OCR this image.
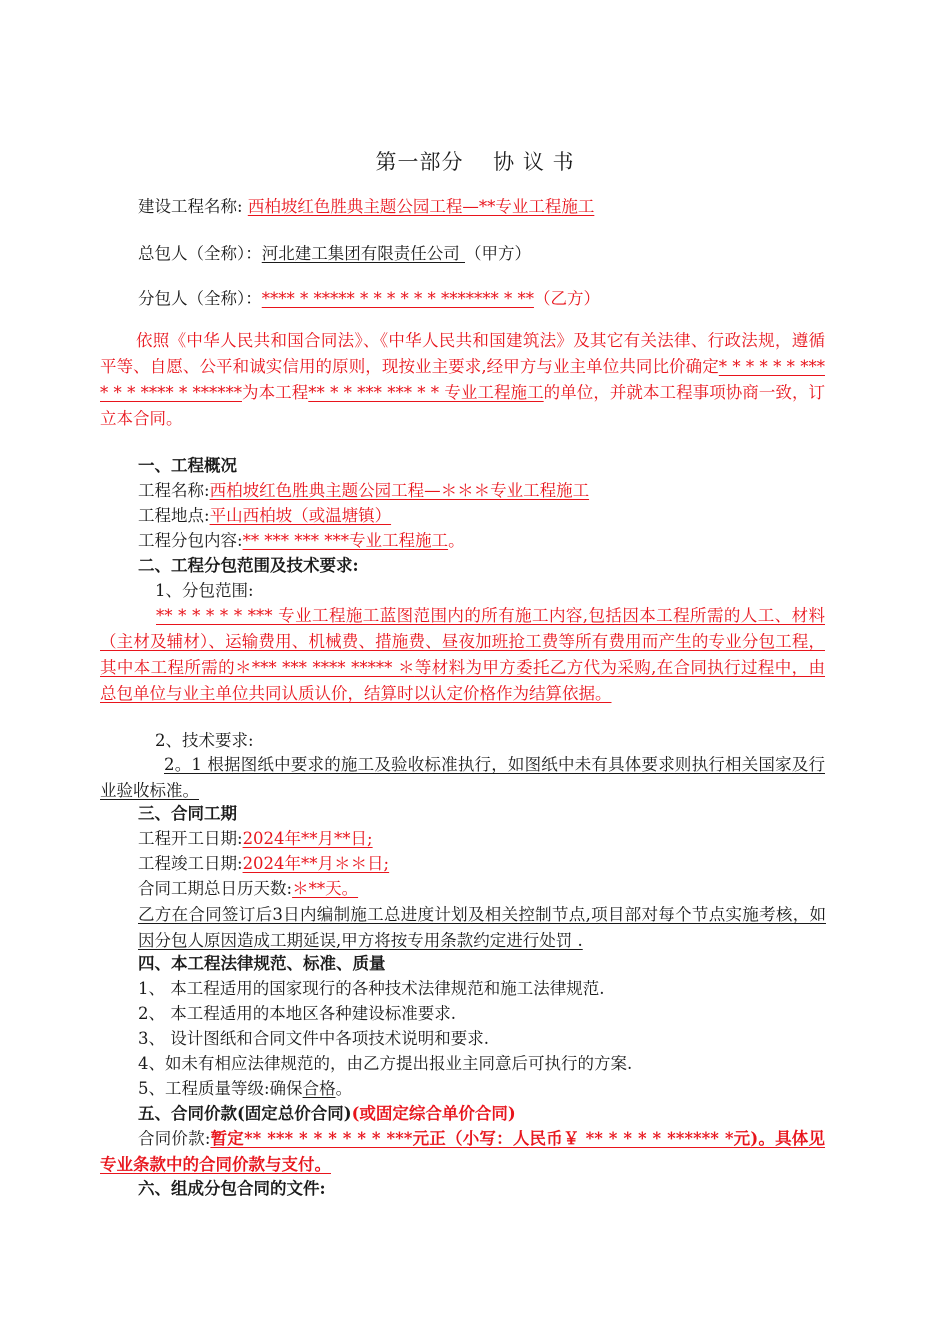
第一部分　 协 议 书
建设工程名称: 西柏坡红色胜典主题公园工程—**专业工程施工
总包人（全称）：河北建工集团有限责任公司 （甲方）
分包人（全称）：**** * ***** * * * * * * ******* * **（乙方）
依照《中华人民共和国合同法》、《中华人民共和国建筑法》及其它有关法律、行政法规，遵循平等、自愿、公平和诚实信用的原则，现按业主要求,经甲方与业主单位共同比价确定* * * * * * *** * * * **** * ******为本工程** * * *** *** * * 专业工程施工的单位，并就本工程事项协商一致，订立本合同。
一、工程概况
工程名称:西柏坡红色胜典主题公园工程—＊＊＊专业工程施工
工程地点:平山西柏坡（或温塘镇）
工程分包内容:** *** *** ***专业工程施工。
二、工程分包范围及技术要求:
1、分包范围:
** * * * * * *** 专业工程施工蓝图范围内的所有施工内容,包括因本工程所需的人工、材料（主材及辅材）、运输费用、机械费、措施费、昼夜加班抢工费等所有费用而产生的专业分包工程，其中本工程所需的＊*** *** **** ***** ＊等材料为甲方委托乙方代为采购,在合同执行过程中，由总包单位与业主单位共同认质认价，结算时以认定价格作为结算依据。
2、技术要求:
2。1 根据图纸中要求的施工及验收标准执行，如图纸中未有具体要求则执行相关国家及行业验收标准。
三、合同工期
工程开工日期:2024年**月**日;
工程竣工日期:2024年**月＊＊日;
合同工期总日历天数:＊**天。
乙方在合同签订后3日内编制施工总进度计划及相关控制节点,项目部对每个节点实施考核，如因分包人原因造成工期延误,甲方将按专用条款约定进行处罚 .
四、本工程法律规范、标准、质量
1、 本工程适用的国家现行的各种技术法律规范和施工法律规范.
2、 本工程适用的本地区各种建设标准要求.
3、 设计图纸和合同文件中各项技术说明和要求.
4、如未有相应法律规范的，由乙方提出报业主同意后可执行的方案.
5、工程质量等级:确保合格。
五、合同价款(固定总价合同)(或固定综合单价合同)
合同价款:暂定** *** * * * * * * ***元正（小写：人民币￥ ** * * * * ****** *元)。具体见专业条款中的合同价款与支付。
六、组成分包合同的文件:
